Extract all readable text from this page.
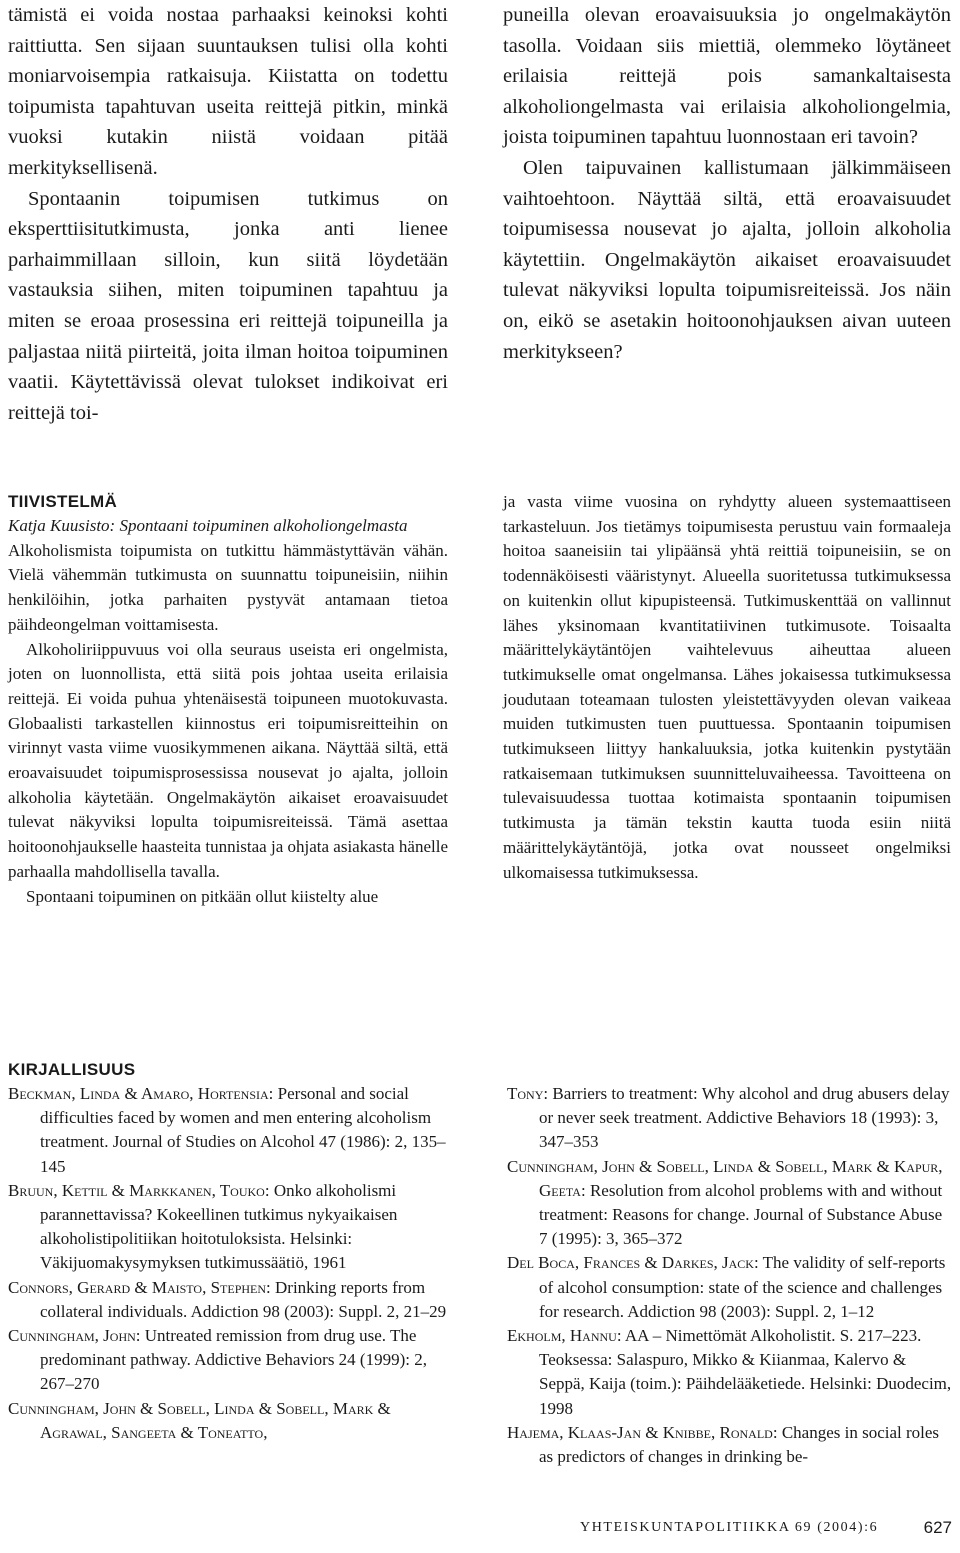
tämistä ei voida nostaa parhaaksi keinoksi kohti raittiutta. Sen sijaan suuntauksen tulisi olla kohti moniarvoisempia ratkaisuja. Kiistatta on todettu toipumista tapahtuvan useita reittejä pitkin, minkä vuoksi kutakin niistä voidaan pitää merkityksellisenä.

Spontaanin toipumisen tutkimus on eksperttiisitutkimusta, jonka anti lienee parhaimmillaan silloin, kun siitä löydetään vastauksia siihen, miten toipuminen tapahtuu ja miten se eroaa prosessina eri reittejä toipuneilla ja paljastaa niitä piirteitä, joita ilman hoitoa toipuminen vaatii. Käytettävissä olevat tulokset indikoivat eri reittejä toi-

puneilla olevan eroavaisuuksia jo ongelmakäytön tasolla. Voidaan siis miettiä, olemmeko löytäneet erilaisia reittejä pois samankaltaisesta alkoholiongelmasta vai erilaisia alkoholiongelmia, joista toipuminen tapahtuu luonnostaan eri tavoin?

Olen taipuvainen kallistumaan jälkimmäiseen vaihtoehtoon. Näyttää siltä, että eroavaisuudet toipumisessa nousevat jo ajalta, jolloin alkoholia käytettiin. Ongelmakäytön aikaiset eroavaisuudet tulevat näkyviksi lopulta toipumisreiteissä. Jos näin on, eikö se asetakin hoitoonohjauksen aivan uuteen merkitykseen?

TIIVISTELMÄ

Katja Kuusisto: Spontaani toipuminen alkoholiongelmasta

Alkoholismista toipumista on tutkittu hämmästyttävän vähän. Vielä vähemmän tutkimusta on suunnattu toipuneisiin, niihin henkilöihin, jotka parhaiten pystyvät antamaan tietoa päihdeongelman voittamisesta.

Alkoholiriippuvuus voi olla seuraus useista eri ongelmista, joten on luonnollista, että siitä pois johtaa useita erilaisia reittejä. Ei voida puhua yhtenäisestä toipuneen muotokuvasta. Globaalisti tarkastellen kiinnostus eri toipumisreitteihin on virinnyt vasta viime vuosikymmenen aikana. Näyttää siltä, että eroavaisuudet toipumisprosessissa nousevat jo ajalta, jolloin alkoholia käytetään. Ongelmakäytön aikaiset eroavaisuudet tulevat näkyviksi lopulta toipumisreiteissä. Tämä asettaa hoitoonohjaukselle haasteita tunnistaa ja ohjata asiakasta hänelle parhaalla mahdollisella tavalla.

Spontaani toipuminen on pitkään ollut kiistelty alue

ja vasta viime vuosina on ryhdytty alueen systemaattiseen tarkasteluun. Jos tietämys toipumisesta perustuu vain formaaleja hoitoa saaneisiin tai ylipäänsä yhtä reittiä toipuneisiin, se on todennäköisesti vääristynyt. Alueella suoritetussa tutkimuksessa on kuitenkin ollut kipupisteensä. Tutkimuskenttää on vallinnut lähes yksinomaan kvantitatiivinen tutkimusote. Toisaalta määrittelykäytäntöjen vaihtelevuus aiheuttaa alueen tutkimukselle omat ongelmansa. Lähes jokaisessa tutkimuksessa joudutaan toteamaan tulosten yleistettävyyden olevan vaikeaa muiden tutkimusten tuen puuttuessa. Spontaanin toipumisen tutkimukseen liittyy hankaluuksia, jotka kuitenkin pystytään ratkaisemaan tutkimuksen suunnitteluvaiheessa. Tavoitteena on tulevaisuudessa tuottaa kotimaista spontaanin toipumisen tutkimusta ja tämän tekstin kautta tuoda esiin niitä määrittelykäytäntöjä, jotka ovat nousseet ongelmiksi ulkomaisessa tutkimuksessa.

KIRJALLISUUS

Beckman, Linda & Amaro, Hortensia: Personal and social difficulties faced by women and men entering alcoholism treatment. Journal of Studies on Alcohol 47 (1986): 2, 135–145

Bruun, Kettil & Markkanen, Touko: Onko alkoholismi parannettavissa? Kokeellinen tutkimus nykyaikaisen alkoholistipolitiikan hoitotuloksista. Helsinki: Väkijuomakysymyksen tutkimussäätiö, 1961

Connors, Gerard & Maisto, Stephen: Drinking reports from collateral individuals. Addiction 98 (2003): Suppl. 2, 21–29

Cunningham, John: Untreated remission from drug use. The predominant pathway. Addictive Behaviors 24 (1999): 2, 267–270

Cunningham, John & Sobell, Linda & Sobell, Mark & Agrawal, Sangeeta & Toneatto,

Tony: Barriers to treatment: Why alcohol and drug abusers delay or never seek treatment. Addictive Behaviors 18 (1993): 3, 347–353

Cunningham, John & Sobell, Linda & Sobell, Mark & Kapur, Geeta: Resolution from alcohol problems with and without treatment: Reasons for change. Journal of Substance Abuse 7 (1995): 3, 365–372

Del Boca, Frances & Darkes, Jack: The validity of self-reports of alcohol consumption: state of the science and challenges for research. Addiction 98 (2003): Suppl. 2, 1–12

Ekholm, Hannu: AA – Nimettömät Alkoholistit. S. 217–223. Teoksessa: Salaspuro, Mikko & Kiianmaa, Kalervo & Seppä, Kaija (toim.): Päihdelääketiede. Helsinki: Duodecim, 1998

Hajema, Klaas-Jan & Knibbe, Ronald: Changes in social roles as predictors of changes in drinking be-

YHTEISKUNTAPOLITIIKKA 69 (2004):6	627
